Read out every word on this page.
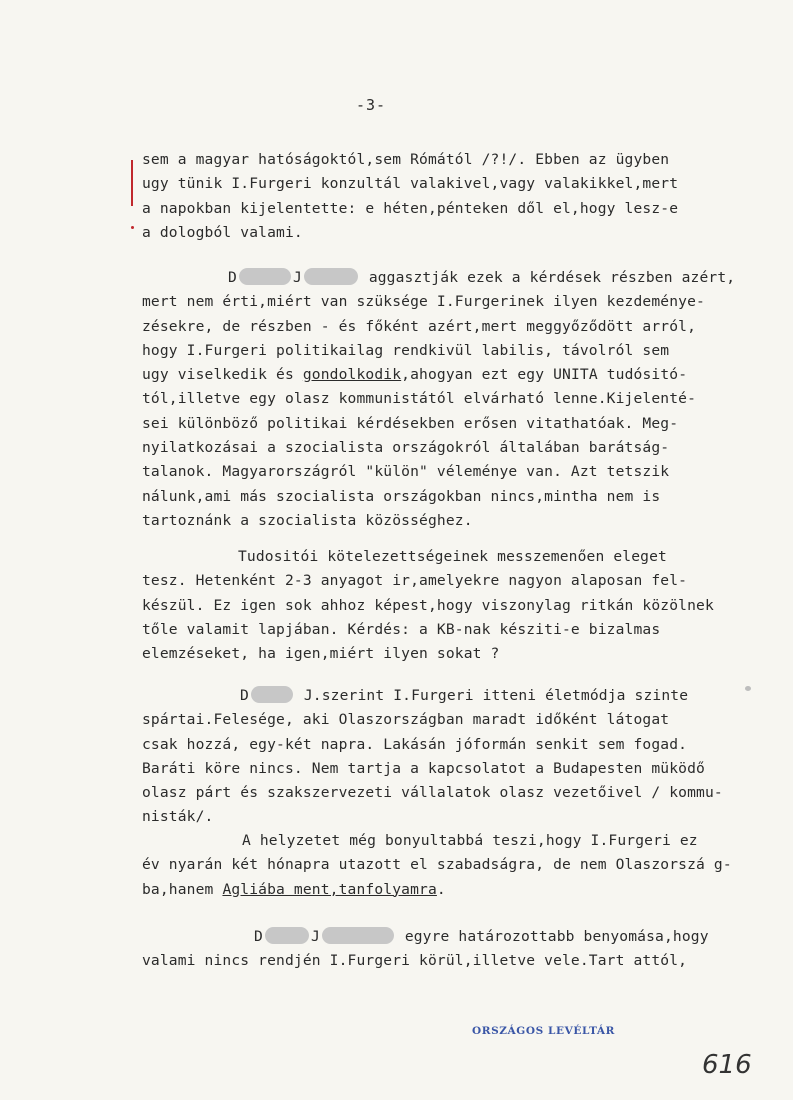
-3-
sem a magyar hatóságoktól,sem Rómától /?!/. Ebben az ügyben
ugy tünik I.Furgeri konzultál valakivel,vagy valakikkel,mert
a napokban kijelentette: e héten,pénteken dől el,hogy lesz-e
a dologból valami.
D	J	aggasztják ezek a kérdések részben azért,
mert nem érti,miért van szüksége I.Furgerinek ilyen kezdeménye-
zésekre, de részben - és főként azért,mert meggyőződött arról,
hogy I.Furgeri politikailag rendkivül labilis, távolról sem
ugy viselkedik és gondolkodik,ahogyan ezt egy UNITA tudósitó-
tól,illetve egy olasz kommunistától elvárható lenne.Kijelenté-
sei különböző politikai kérdésekben erősen vitathatóak. Meg-
nyilatkozásai a szocialista országokról általában barátság-
talanok. Magyarországról "külön" véleménye van. Azt tetszik
nálunk,ami más szocialista országokban nincs,mintha nem is
tartoznánk a szocialista közösséghez.
Tudositói kötelezettségeinek messzemenően eleget
tesz. Hetenként 2-3 anyagot ir,amelyekre nagyon alaposan fel-
készül. Ez igen sok ahhoz képest,hogy viszonylag ritkán közölnek
tőle valamit lapjában. Kérdés: a KB-nak késziti-e bizalmas
elemzéseket, ha igen,miért ilyen sokat ?
D	J.szerint I.Furgeri itteni életmódja szinte
spártai.Felesége, aki Olaszországban maradt időként látogat
csak hozzá, egy-két napra. Lakásán jóformán senkit sem fogad.
Baráti köre nincs. Nem tartja a kapcsolatot a Budapesten müködő
olasz párt és szakszervezeti vállalatok olasz vezetőivel / kommu-
nisták/.
A helyzetet még bonyultabbá teszi,hogy I.Furgeri ez
év nyarán két hónapra utazott el szabadságra, de nem Olaszorszá g-
ba,hanem Agliába ment,tanfolyamra.
D	J	egyre határozottabb benyomása,hogy
valami nincs rendjén I.Furgeri körül,illetve vele.Tart attól,
ORSZÁGOS LEVÉLTÁR
616
